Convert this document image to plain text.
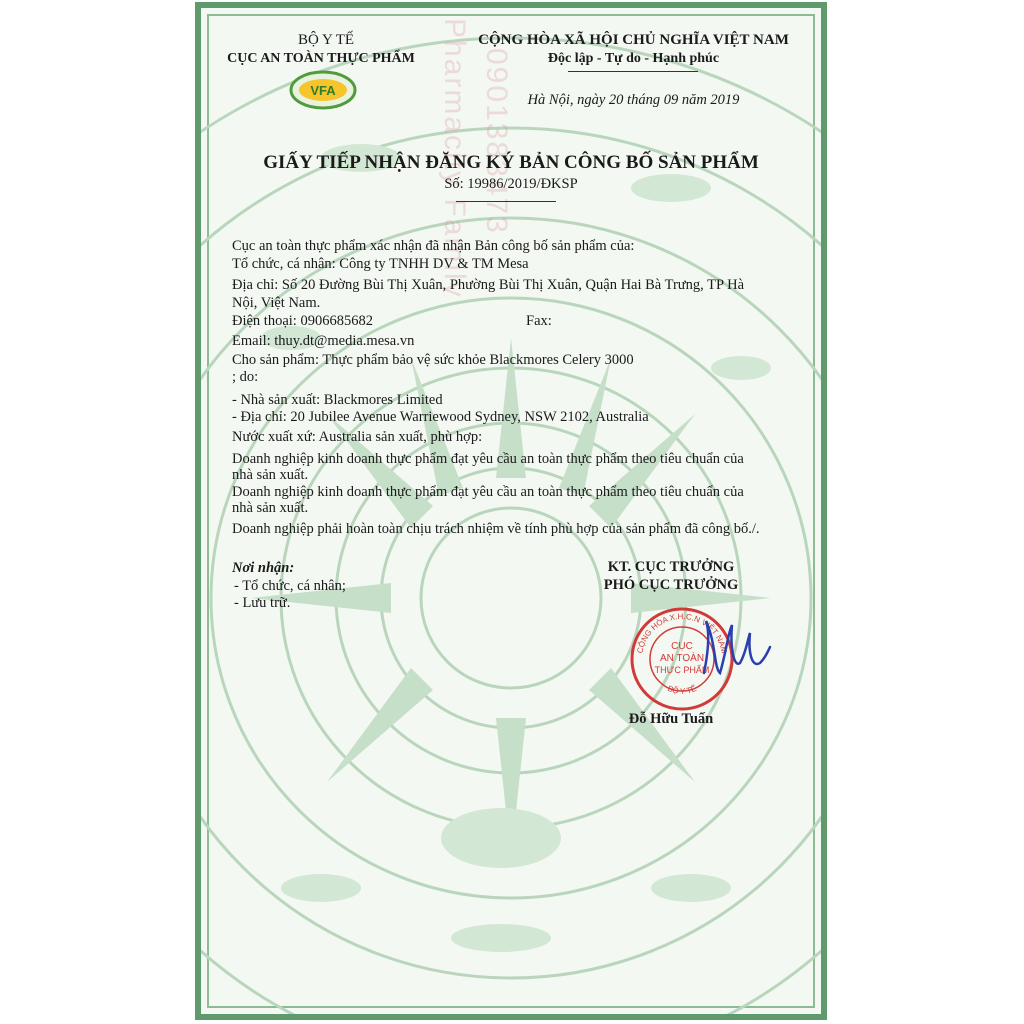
Pharmacity Family 0901383473
BỘ Y TẾ
CỤC AN TOÀN THỰC PHẨM
VFA
CỘNG HÒA XÃ HỘI CHỦ NGHĨA VIỆT NAM
Độc lập - Tự do - Hạnh phúc
Hà Nội, ngày 20 tháng 09 năm 2019
GIẤY TIẾP NHẬN ĐĂNG KÝ BẢN CÔNG BỐ SẢN PHẨM
Số: 19986/2019/ĐKSP
Cục an toàn thực phẩm xác nhận đã nhận Bản công bố sản phẩm của:
Tổ chức, cá nhân: Công ty TNHH DV & TM Mesa
Địa chỉ: Số 20 Đường Bùi Thị Xuân, Phường Bùi Thị Xuân, Quận Hai Bà Trưng, TP Hà
Nội, Việt Nam.
Điện thoại: 0906685682	Fax:
Email: thuy.dt@media.mesa.vn
Cho sản phẩm: Thực phẩm bảo vệ sức khỏe Blackmores Celery 3000
; do:
- Nhà sản xuất: Blackmores Limited
- Địa chỉ: 20 Jubilee Avenue Warriewood Sydney, NSW 2102, Australia
Nước xuất xứ: Australia sản xuất, phù hợp:
Doanh nghiệp kinh doanh thực phẩm đạt yêu cầu an toàn thực phẩm theo tiêu chuẩn của
nhà sản xuất.
Doanh nghiệp kinh doanh thực phẩm đạt yêu cầu an toàn thực phẩm theo tiêu chuẩn của
nhà sản xuất.
Doanh nghiệp phải hoàn toàn chịu trách nhiệm về tính phù hợp của sản phẩm đã công bố./.
Nơi nhận:
- Tổ chức, cá nhân;
- Lưu trữ.
KT. CỤC TRƯỞNG
PHÓ CỤC TRƯỞNG
CỘNG HÒA X.H.C.N VIỆT NAM
BỘ Y TẾ
CỤC
AN TOÀN
THỰC PHẨM
Đỗ Hữu Tuấn
